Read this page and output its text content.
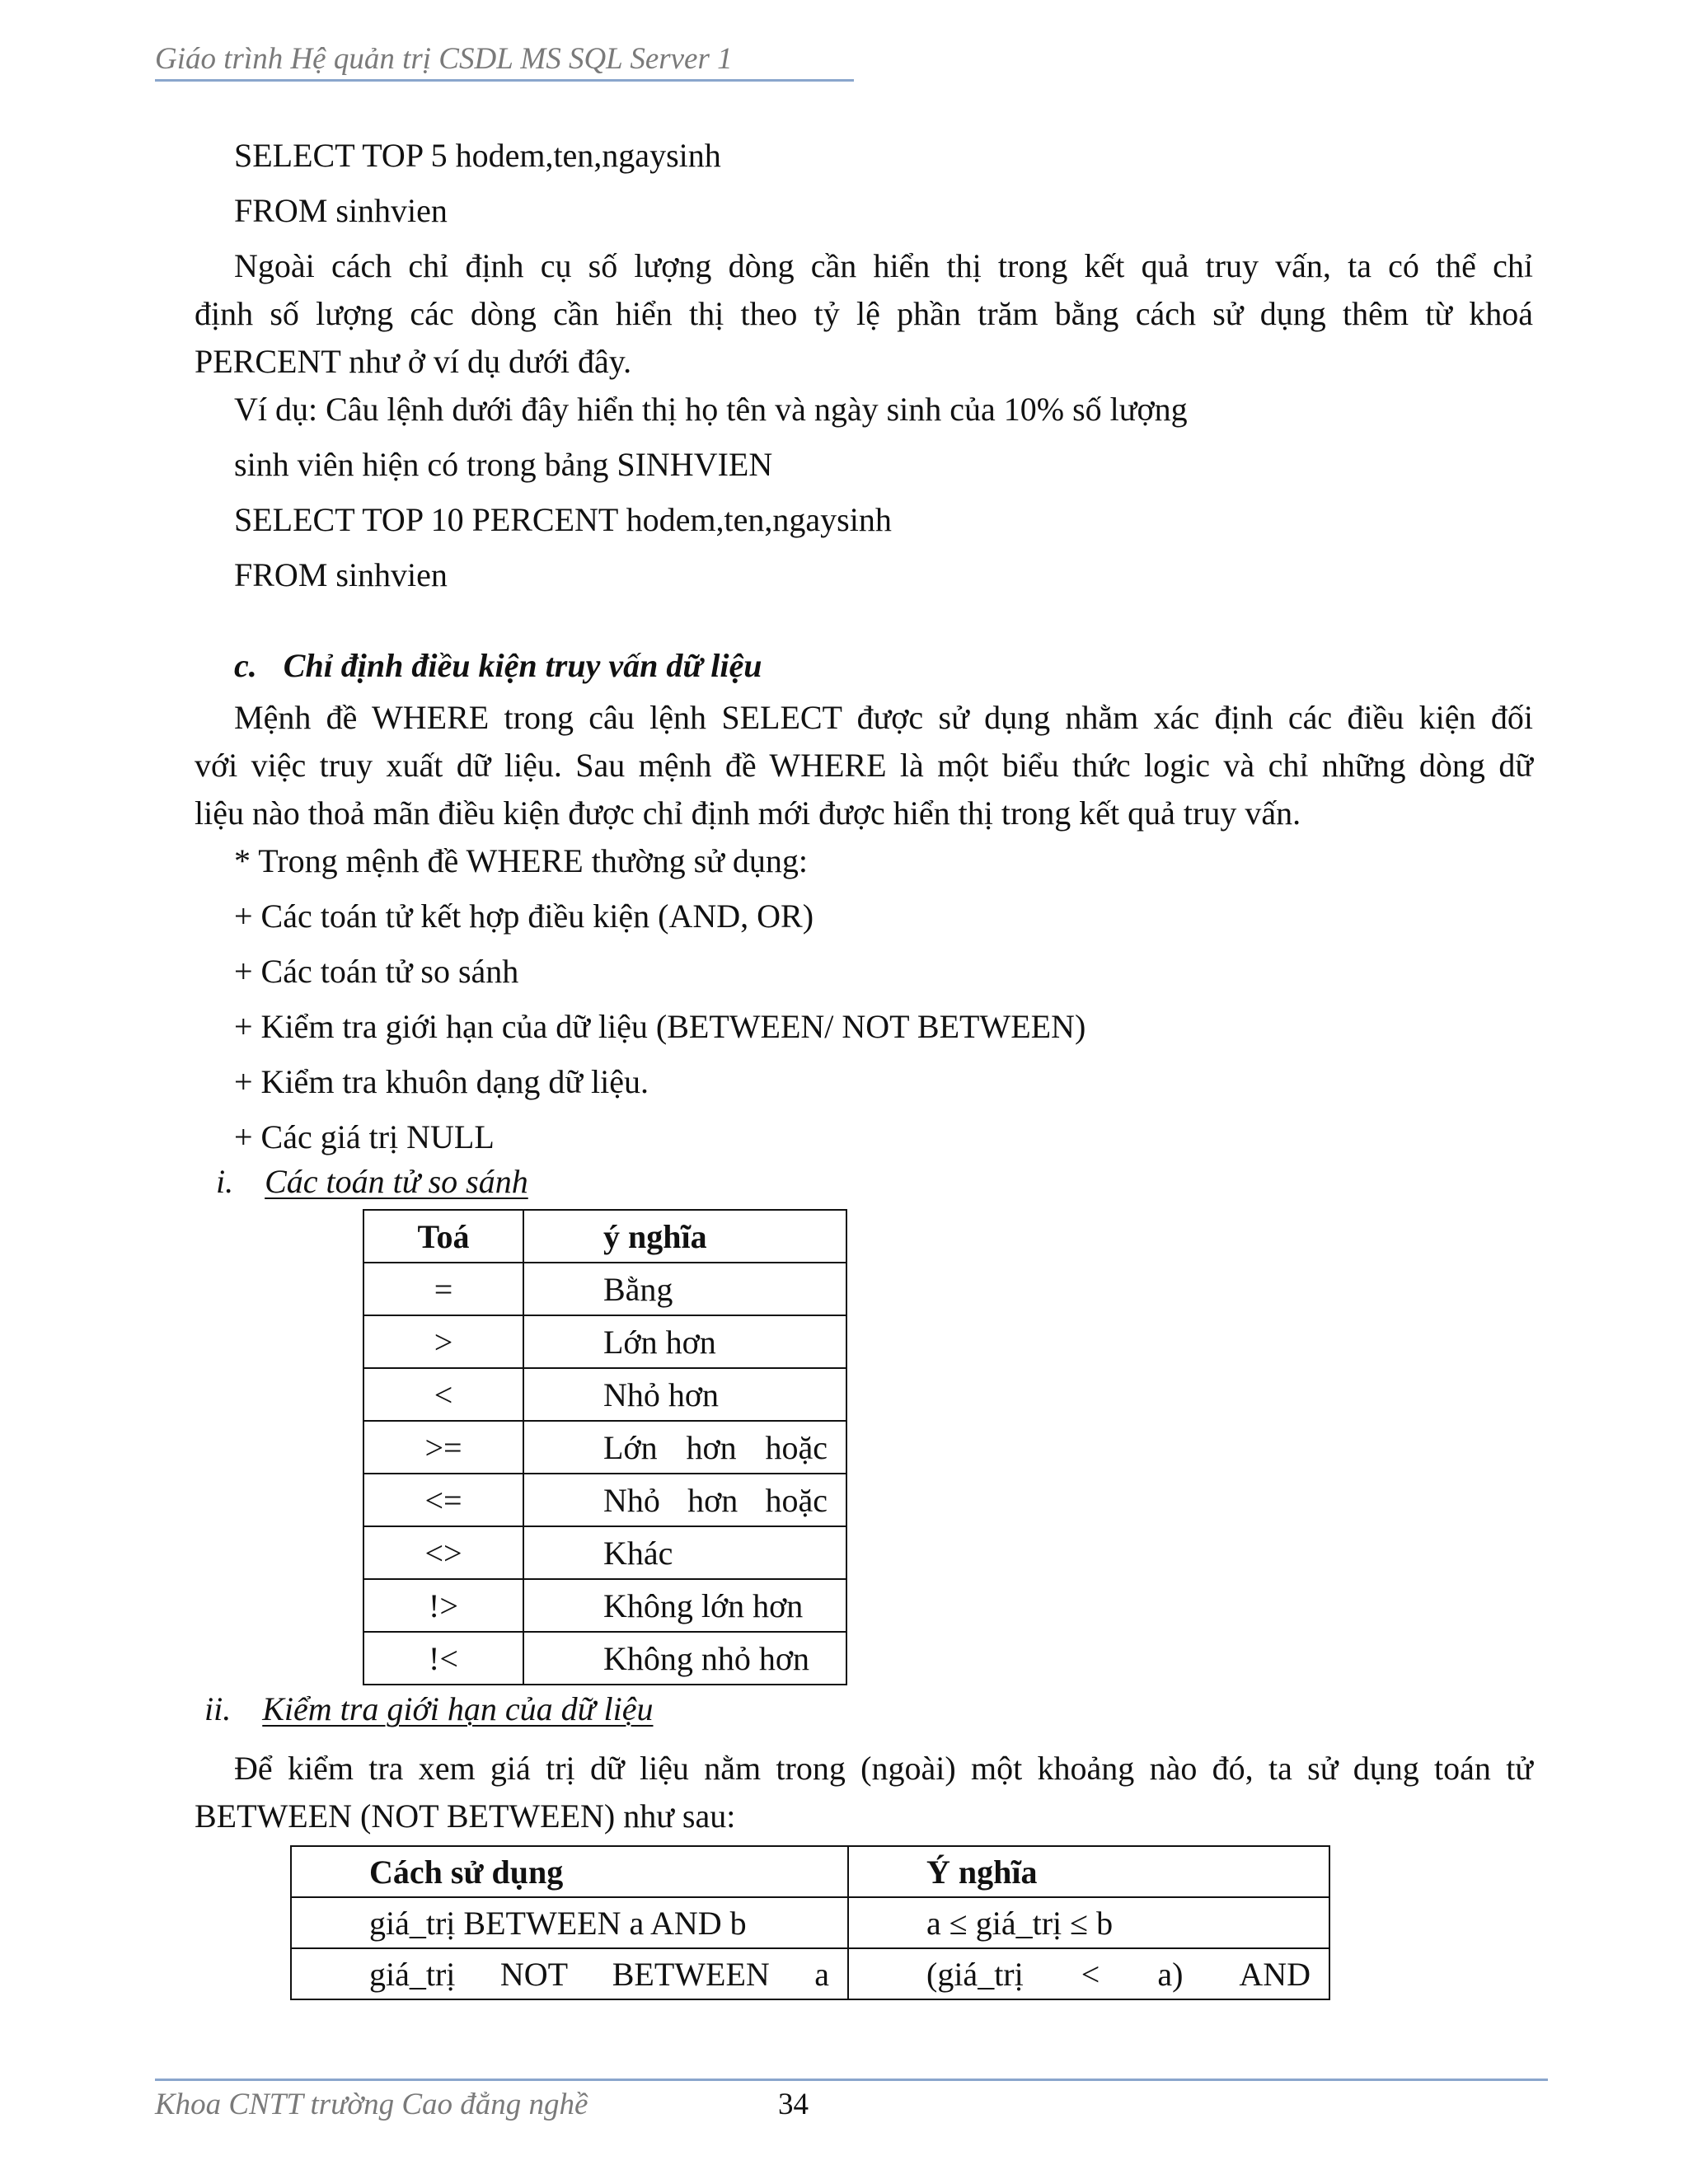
Giáo trình Hệ quản trị CSDL MS SQL Server 1
SELECT TOP 5 hodem,ten,ngaysinh
FROM sinhvien
Ngoài cách chỉ định cụ số lượng dòng cần hiển thị trong kết quả truy vấn, ta có thể chỉ
định số lượng các dòng cần hiển thị theo tỷ lệ phần trăm bằng cách sử dụng thêm từ khoá
PERCENT như ở ví dụ dưới đây.
Ví dụ: Câu lệnh dưới đây hiển thị họ tên và ngày sinh của 10% số lượng
sinh viên hiện có trong bảng SINHVIEN
SELECT TOP 10 PERCENT hodem,ten,ngaysinh
FROM sinhvien
c. Chỉ định điều kiện truy vấn dữ liệu
Mệnh đề WHERE trong câu lệnh SELECT được sử dụng nhằm xác định các điều kiện đối
với việc truy xuất dữ liệu. Sau mệnh đề WHERE là một biểu thức logic và chỉ những dòng dữ
liệu nào thoả mãn điều kiện được chỉ định mới được hiển thị trong kết quả truy vấn.
* Trong mệnh đề WHERE thường sử dụng:
+ Các toán tử kết hợp điều kiện (AND, OR)
+ Các toán tử so sánh
+ Kiểm tra giới hạn của dữ liệu (BETWEEN/ NOT BETWEEN)
+ Kiểm tra khuôn dạng dữ liệu.
+ Các giá trị NULL
i. Các toán tử so sánh
Toá	ý nghĩa
=	Bằng
>	Lớn hơn
<	Nhỏ hơn
>=	Lớn hơn hoặc

<=	Nhỏ hơn hoặc

<>	Khác
!>	Không lớn hơn
!<	Không nhỏ hơn
ii. Kiểm tra giới hạn của dữ liệu
Để kiểm tra xem giá trị dữ liệu nằm trong (ngoài) một khoảng nào đó, ta sử dụng toán tử
BETWEEN (NOT BETWEEN) như sau:
Cách sử dụng	Ý nghĩa
giá_trị BETWEEN a AND b	a ≤ giá_trị ≤ b

giá_trị NOT BETWEEN a	(giá_trị < a) AND
Khoa CNTT trường Cao đẳng nghề	34
